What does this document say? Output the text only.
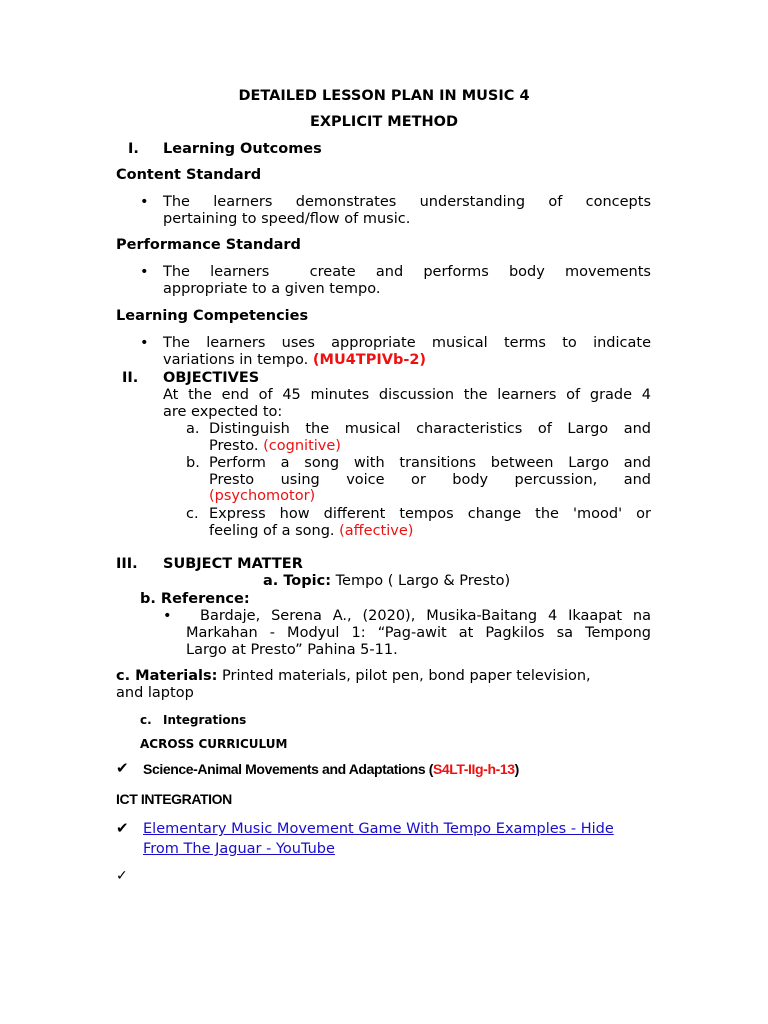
DETAILED LESSON PLAN IN MUSIC 4
EXPLICIT METHOD
I. Learning Outcomes
Content Standard
• The learners demonstrates understanding of concepts
pertaining to speed/flow of music.
Performance Standard
• The learners  create and performs body movements
appropriate to a given tempo.
Learning Competencies
• The learners uses appropriate musical terms to indicate
variations in tempo. (MU4TPIVb-2)
II. OBJECTIVES
At the end of 45 minutes discussion the learners of grade 4
are expected to:
a. Distinguish the musical characteristics of Largo and
Presto. (cognitive)
b. Perform a song with transitions between Largo and
Presto using voice or body percussion, and
(psychomotor)
c. Express how different tempos change the 'mood' or
feeling of a song. (affective)
III. SUBJECT MATTER
a. Topic: Tempo ( Largo & Presto)
b. Reference:
• Bardaje, Serena A., (2020), Musika-Baitang 4 Ikaapat na
Markahan - Modyul 1: “Pag-awit at Pagkilos sa Tempong
Largo at Presto” Pahina 5-11.
c. Materials: Printed materials, pilot pen, bond paper television,
and laptop
c. Integrations
ACROSS CURRICULUM
✔ Science-Animal Movements and Adaptations (S4LT-IIg-h-13)
ICT INTEGRATION
✔ Elementary Music Movement Game With Tempo Examples - Hide
From The Jaguar - YouTube
✓
